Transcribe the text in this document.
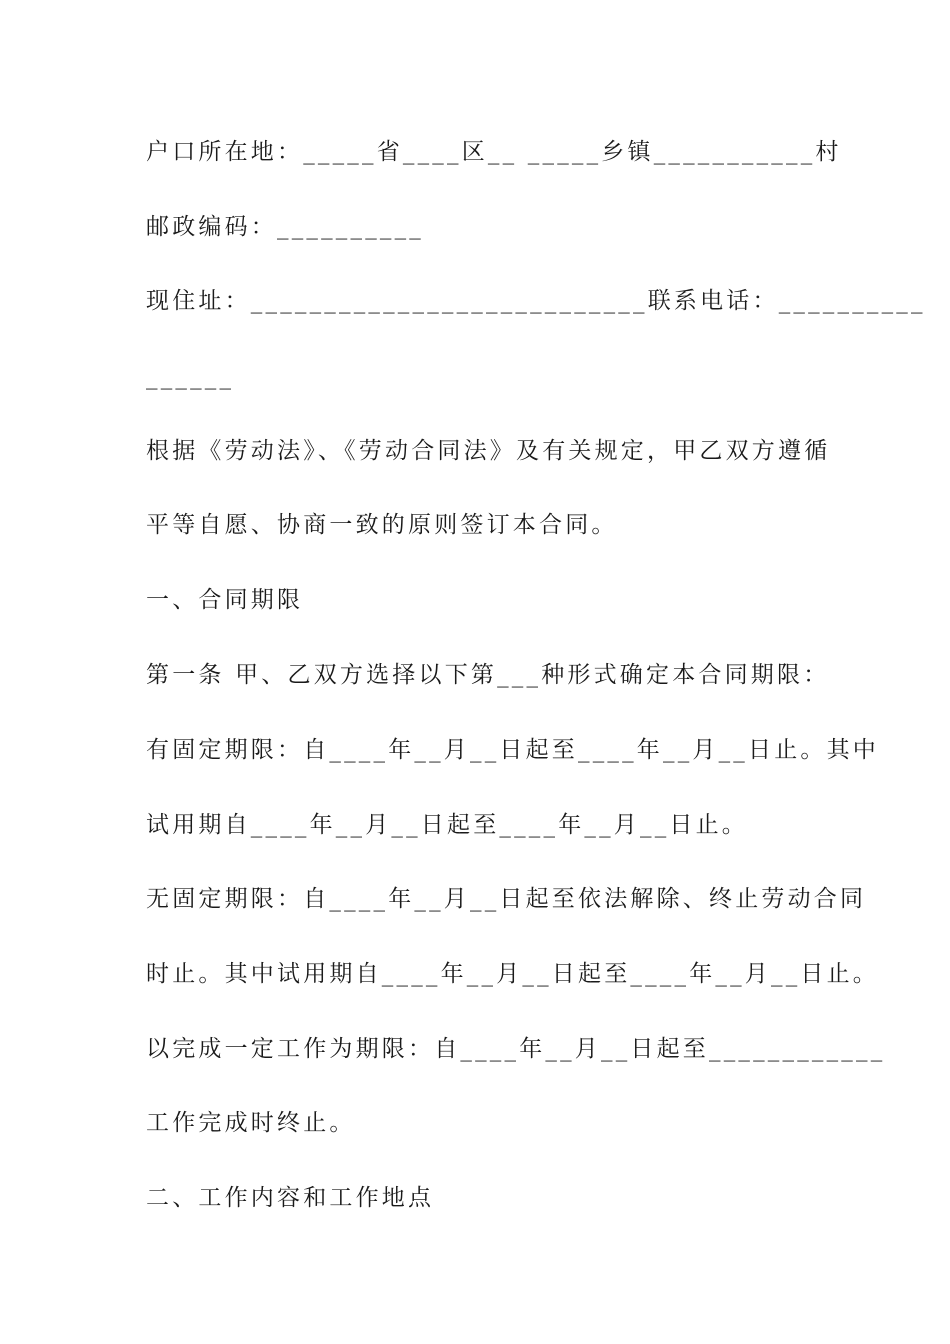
户口所在地：_____省____区__ _____乡镇___________村
邮政编码：__________
现住址：___________________________联系电话：__________
______
根据《劳动法》、《劳动合同法》及有关规定，甲乙双方遵循
平等自愿、协商一致的原则签订本合同。
一、合同期限
第一条 甲、乙双方选择以下第___种形式确定本合同期限：
有固定期限：自____年__月__日起至____年__月__日止。其中
试用期自____年__月__日起至____年__月__日止。
无固定期限：自____年__月__日起至依法解除、终止劳动合同
时止。其中试用期自____年__月__日起至____年__月__日止。
以完成一定工作为期限：自____年__月__日起至____________
工作完成时终止。
二、工作内容和工作地点
